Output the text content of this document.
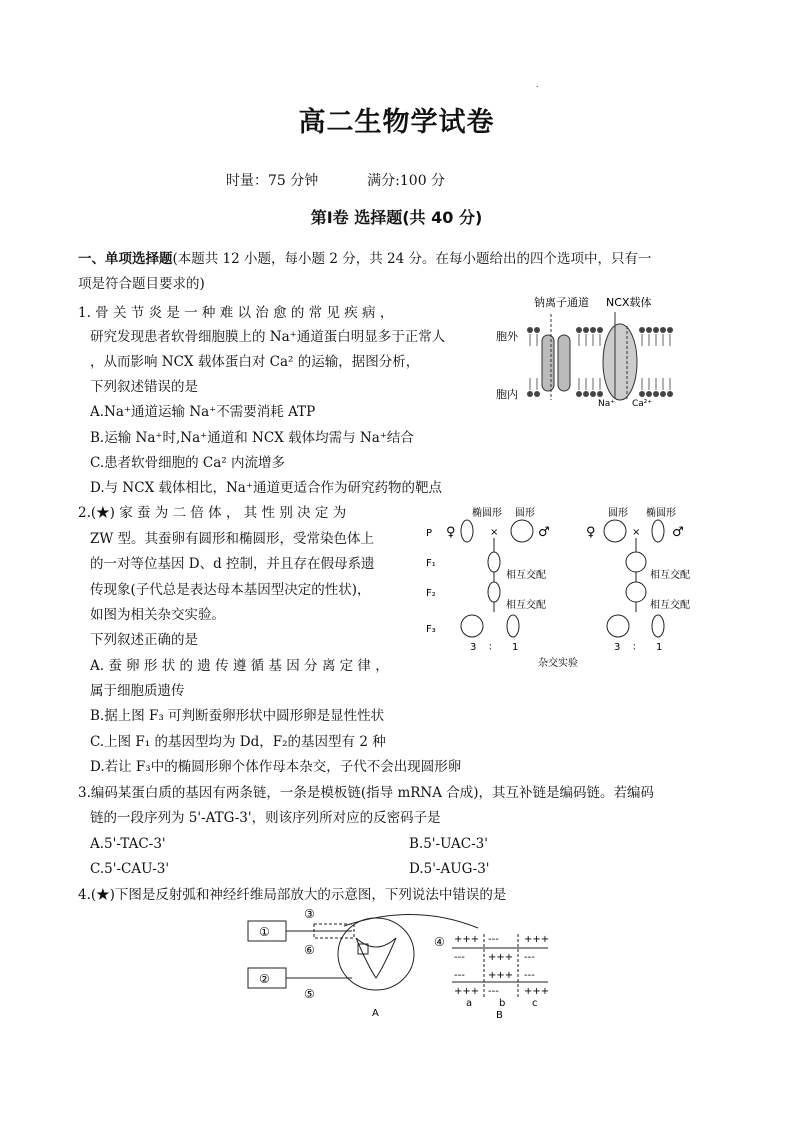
.
高二生物学试卷
时量：75 分钟	满分:100 分
第Ⅰ卷 选择题(共 40 分)
一、单项选择题(本题共 12 小题，每小题 2 分，共 24 分。在每小题给出的四个选项中，只有一
项是符合题目要求的)
1. 骨 关 节 炎 是 一 种 难 以 治 愈 的 常 见 疾 病 ，
研究发现患者软骨细胞膜上的 Na⁺通道蛋白明显多于正常人
，从而影响 NCX 载体蛋白对 Ca² 的运输，据图分析，
下列叙述错误的是
A.Na⁺通道运输 Na⁺不需要消耗 ATP
B.运输 Na⁺时,Na⁺通道和 NCX 载体均需与 Na⁺结合
C.患者软骨细胞的 Ca² 内流增多
D.与 NCX 载体相比，Na⁺通道更适合作为研究药物的靶点
钠离子通道 NCX载体
胞外
胞内
Na⁺ Ca²⁺
2.(★) 家 蚕 为 二 倍 体 ， 其 性 别 决 定 为
ZW 型。其蚕卵有圆形和椭圆形，受常染色体上
的一对等位基因 D、d 控制，并且存在假母系遗
传现象(子代总是表达母本基因型决定的性状)，
如图为相关杂交实验。
下列叙述正确的是
A. 蚕 卵 形 状 的 遗 传 遵 循 基 因 分 离 定 律 ，
属于细胞质遗传
B.据上图 F₃ 可判断蚕卵形状中圆形卵是显性性状
C.上图 F₁ 的基因型均为 Dd，F₂的基因型有 2 种
D.若让 F₃中的椭圆形卵个体作母本杂交，子代不会出现圆形卵
P
F₁
F₂
F₃
椭圆形 圆形
♀	×	♂
相互交配
相互交配
3 ： 1
圆形 椭圆形
♀	× ♂
相互交配
相互交配
3 ： 1
杂交实验
3.编码某蛋白质的基因有两条链，一条是模板链(指导 mRNA 合成)，其互补链是编码链。若编码
链的一段序列为 5'-ATG-3'，则该序列所对应的反密码子是
A.5'-TAC-3'	B.5'-UAC-3'
C.5'-CAU-3'	D.5'-AUG-3'
4.(★)下图是反射弧和神经纤维局部放大的示意图，下列说法中错误的是
①
②
③
⑥
⑤
④
A
+++ ---	+++
--- +++ ---
--- +++ ---
+++ ---	+++
a	b	c
B
